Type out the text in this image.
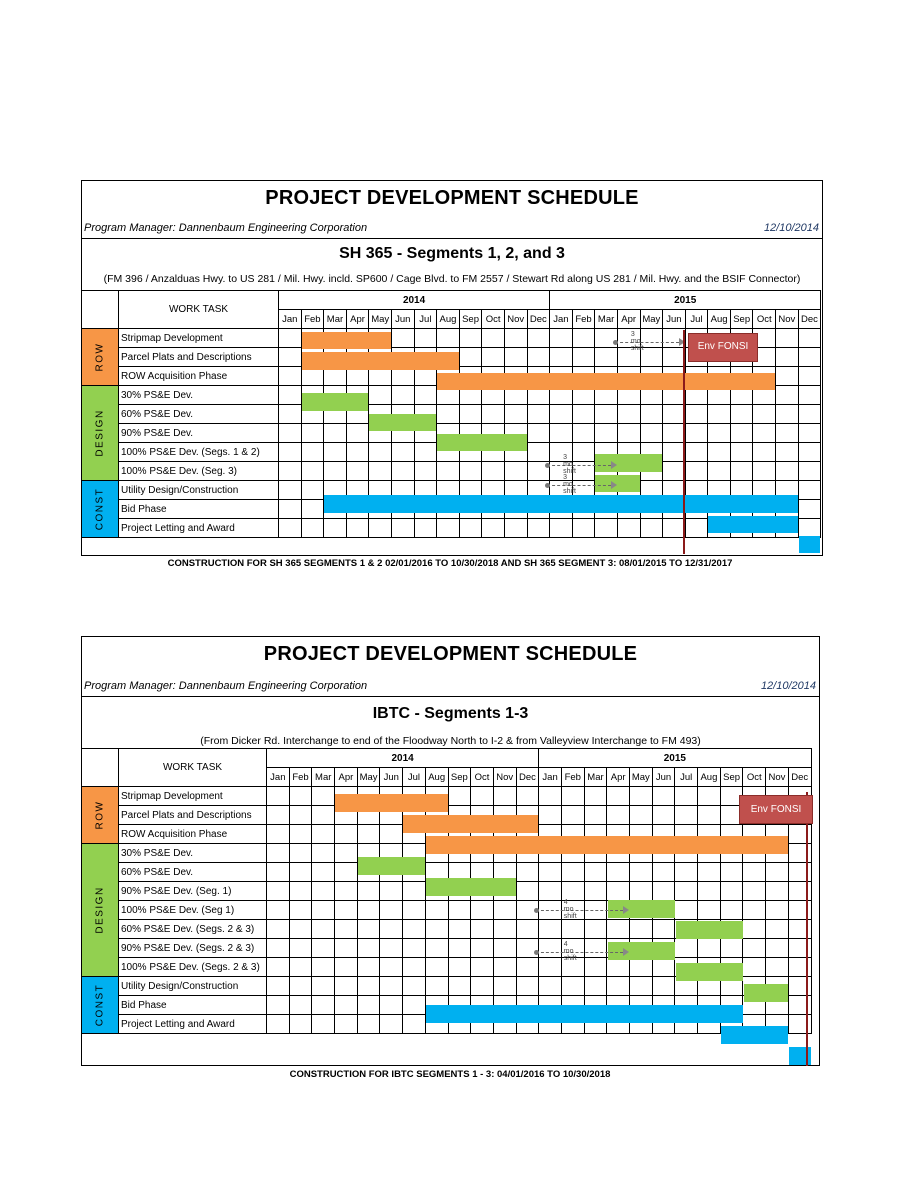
PROJECT DEVELOPMENT SCHEDULE
Program Manager: Dannenbaum Engineering Corporation	12/10/2014
SH 365 - Segments 1, 2, and 3
(FM 396 / Anzalduas Hwy. to US 281 / Mil. Hwy. incld. SP600 / Cage Blvd. to FM 2557 / Stewart Rd along US 281 / Mil. Hwy. and the BSIF Connector)
	WORK TASK	2014												2015											
		Jan	Feb	Mar	Apr	May	Jun	Jul	Aug	Sep	Oct	Nov	Dec	Jan	Feb	Mar	Apr	May	Jun	Jul	Aug	Sep	Oct	Nov	Dec

ROW	Stripmap Development																								
	Parcel Plats and Descriptions																								
	ROW Acquisition Phase																								

DESIGN	30% PS&E Dev.																								
	60% PS&E Dev.																								
	90% PS&E Dev.																								
	100% PS&E Dev. (Segs. 1 & 2)																								
	100% PS&E Dev. (Seg. 3)																								

CONST	Utility Design/Construction																								
	Bid Phase																								
	Project Letting and Award																								
3 mo shift
3 mo shift
3 mo shift
Env FONSI
CONSTRUCTION FOR SH 365 SEGMENTS 1 & 2 02/01/2016 TO 10/30/2018 AND SH 365 SEGMENT 3: 08/01/2015 TO 12/31/2017
PROJECT DEVELOPMENT SCHEDULE
Program Manager: Dannenbaum Engineering Corporation	12/10/2014
IBTC - Segments 1-3
(From Dicker Rd. Interchange to end of the Floodway North to I-2 & from Valleyview Interchange to FM 493)
	WORK TASK	2014												2015											
		Jan	Feb	Mar	Apr	May	Jun	Jul	Aug	Sep	Oct	Nov	Dec	Jan	Feb	Mar	Apr	May	Jun	Jul	Aug	Sep	Oct	Nov	Dec

ROW	Stripmap Development																								
	Parcel Plats and Descriptions																								
	ROW Acquisition Phase																								

DESIGN	30% PS&E Dev.																								
	60% PS&E Dev.																								
	90% PS&E Dev. (Seg. 1)																								
	100% PS&E Dev. (Seg 1)																								
	60% PS&E Dev. (Segs. 2 & 3)																								
	90% PS&E Dev. (Segs. 2 & 3)																								
	100% PS&E Dev. (Segs. 2 & 3)																								

CONST	Utility Design/Construction																								
	Bid Phase																								
	Project Letting and Award																								
4 mo shift
4 mo shift
Env FONSI
CONSTRUCTION FOR IBTC SEGMENTS 1 - 3: 04/01/2016 TO 10/30/2018
